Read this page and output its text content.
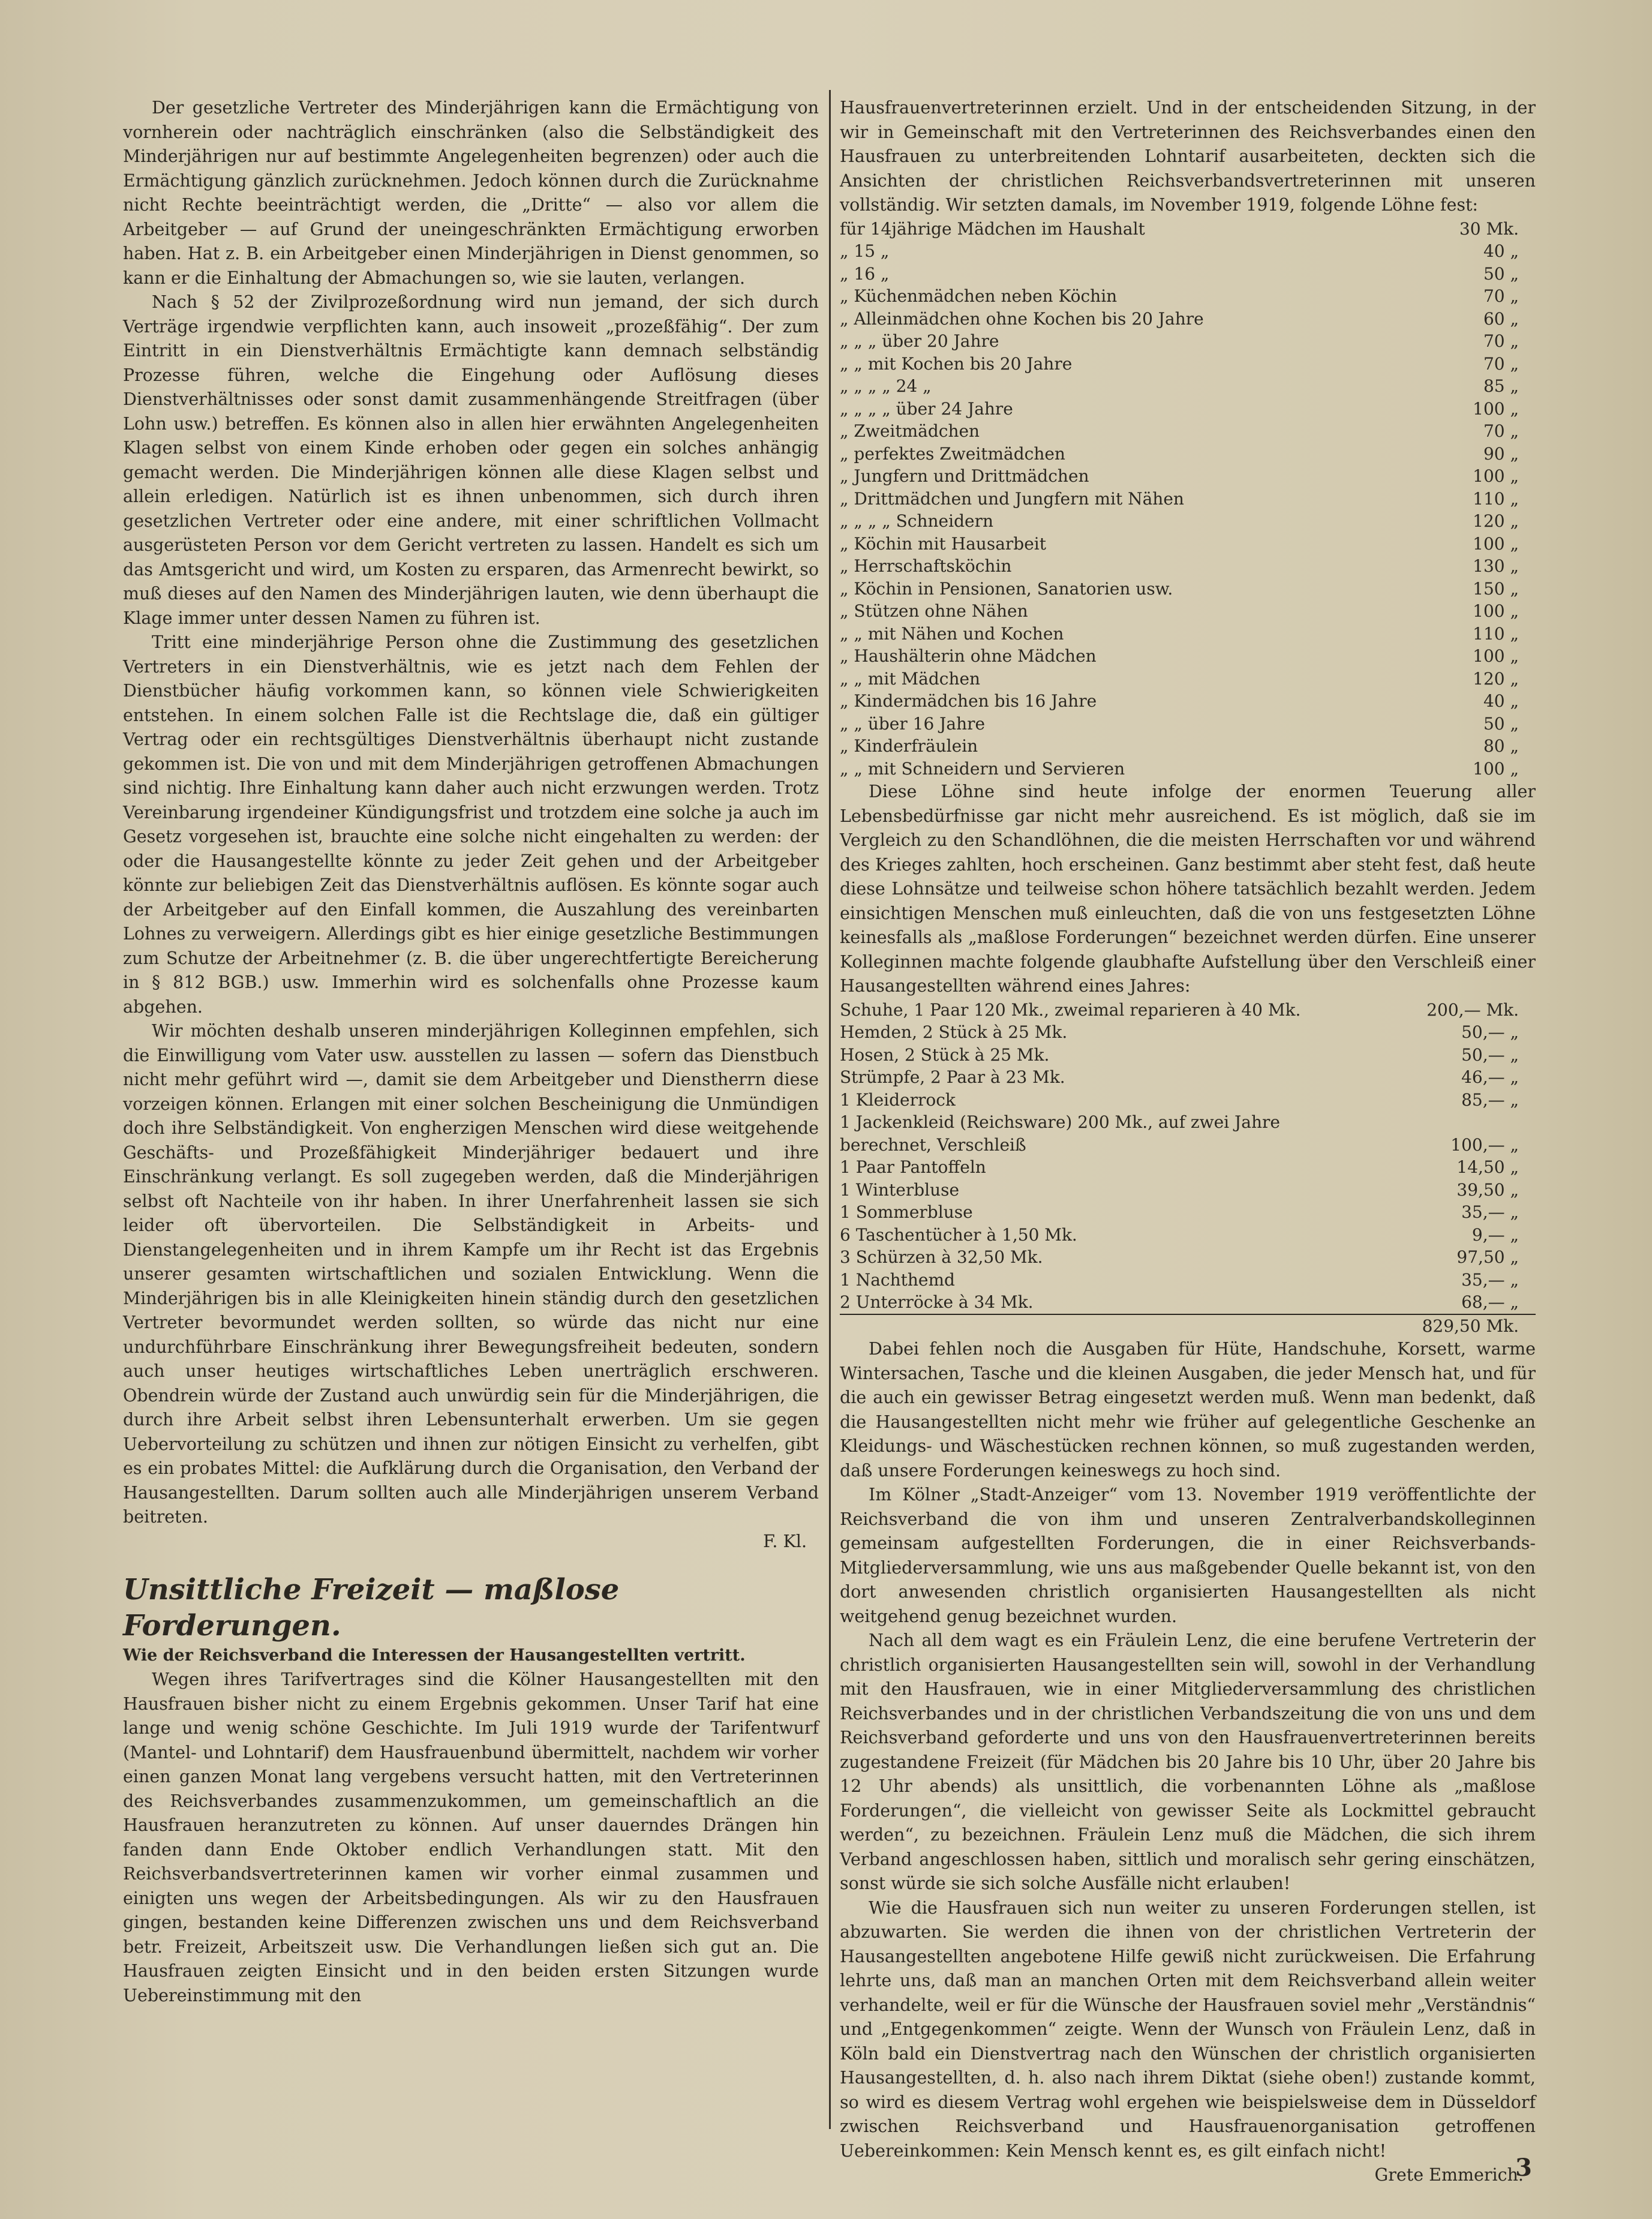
Der gesetzliche Vertreter des Minderjährigen kann die Ermächtigung von vornherein oder nachträglich einschränken (also die Selbständigkeit des Minderjährigen nur auf bestimmte Angelegenheiten begrenzen) oder auch die Ermächtigung gänzlich zurücknehmen. Jedoch können durch die Zurücknahme nicht Rechte beeinträchtigt werden, die „Dritte“ — also vor allem die Arbeitgeber — auf Grund der uneingeschränkten Ermächtigung erworben haben. Hat z. B. ein Arbeitgeber einen Minderjährigen in Dienst genommen, so kann er die Einhaltung der Abmachungen so, wie sie lauten, verlangen.

Nach § 52 der Zivilprozeßordnung wird nun jemand, der sich durch Verträge irgendwie verpflichten kann, auch insoweit „prozeßfähig“. Der zum Eintritt in ein Dienstverhältnis Ermächtigte kann demnach selbständig Prozesse führen, welche die Eingehung oder Auflösung dieses Dienstverhältnisses oder sonst damit zusammenhängende Streitfragen (über Lohn usw.) betreffen. Es können also in allen hier erwähnten Angelegenheiten Klagen selbst von einem Kinde erhoben oder gegen ein solches anhängig gemacht werden. Die Minderjährigen können alle diese Klagen selbst und allein erledigen. Natürlich ist es ihnen unbenommen, sich durch ihren gesetzlichen Vertreter oder eine andere, mit einer schriftlichen Vollmacht ausgerüsteten Person vor dem Gericht vertreten zu lassen. Handelt es sich um das Amtsgericht und wird, um Kosten zu ersparen, das Armenrecht bewirkt, so muß dieses auf den Namen des Minderjährigen lauten, wie denn überhaupt die Klage immer unter dessen Namen zu führen ist.

Tritt eine minderjährige Person ohne die Zustimmung des gesetzlichen Vertreters in ein Dienstverhältnis, wie es jetzt nach dem Fehlen der Dienstbücher häufig vorkommen kann, so können viele Schwierigkeiten entstehen. In einem solchen Falle ist die Rechtslage die, daß ein gültiger Vertrag oder ein rechtsgültiges Dienstverhältnis überhaupt nicht zustande gekommen ist. Die von und mit dem Minderjährigen getroffenen Abmachungen sind nichtig. Ihre Einhaltung kann daher auch nicht erzwungen werden. Trotz Vereinbarung irgendeiner Kündigungsfrist und trotzdem eine solche ja auch im Gesetz vorgesehen ist, brauchte eine solche nicht eingehalten zu werden: der oder die Hausangestellte könnte zu jeder Zeit gehen und der Arbeitgeber könnte zur beliebigen Zeit das Dienstverhältnis auflösen. Es könnte sogar auch der Arbeitgeber auf den Einfall kommen, die Auszahlung des vereinbarten Lohnes zu verweigern. Allerdings gibt es hier einige gesetzliche Bestimmungen zum Schutze der Arbeitnehmer (z. B. die über ungerechtfertigte Bereicherung in § 812 BGB.) usw. Immerhin wird es solchenfalls ohne Prozesse kaum abgehen.

Wir möchten deshalb unseren minderjährigen Kolleginnen empfehlen, sich die Einwilligung vom Vater usw. ausstellen zu lassen — sofern das Dienstbuch nicht mehr geführt wird —, damit sie dem Arbeitgeber und Dienstherrn diese vorzeigen können. Erlangen mit einer solchen Bescheinigung die Unmündigen doch ihre Selbständigkeit. Von engherzigen Menschen wird diese weitgehende Geschäfts- und Prozeßfähigkeit Minderjähriger bedauert und ihre Einschränkung verlangt. Es soll zugegeben werden, daß die Minderjährigen selbst oft Nachteile von ihr haben. In ihrer Unerfahrenheit lassen sie sich leider oft übervorteilen. Die Selbständigkeit in Arbeits- und Dienstangelegenheiten und in ihrem Kampfe um ihr Recht ist das Ergebnis unserer gesamten wirtschaftlichen und sozialen Entwicklung. Wenn die Minderjährigen bis in alle Kleinigkeiten hinein ständig durch den gesetzlichen Vertreter bevormundet werden sollten, so würde das nicht nur eine undurchführbare Einschränkung ihrer Bewegungsfreiheit bedeuten, sondern auch unser heutiges wirtschaftliches Leben unerträglich erschweren. Obendrein würde der Zustand auch unwürdig sein für die Minderjährigen, die durch ihre Arbeit selbst ihren Lebensunterhalt erwerben. Um sie gegen Uebervorteilung zu schützen und ihnen zur nötigen Einsicht zu verhelfen, gibt es ein probates Mittel: die Aufklärung durch die Organisation, den Verband der Hausangestellten. Darum sollten auch alle Minderjährigen unserem Verband beitreten.

F. Kl.

Unsittliche Freizeit — maßlose Forderungen.
Wie der Reichsverband die Interessen der Hausangestellten vertritt.

Wegen ihres Tarifvertrages sind die Kölner Hausangestellten mit den Hausfrauen bisher nicht zu einem Ergebnis gekommen. Unser Tarif hat eine lange und wenig schöne Geschichte. Im Juli 1919 wurde der Tarifentwurf (Mantel- und Lohntarif) dem Hausfrauenbund übermittelt, nachdem wir vorher einen ganzen Monat lang vergebens versucht hatten, mit den Vertreterinnen des Reichsverbandes zusammenzukommen, um gemeinschaftlich an die Hausfrauen heranzutreten zu können. Auf unser dauerndes Drängen hin fanden dann Ende Oktober endlich Verhandlungen statt. Mit den Reichsverbandsvertreterinnen kamen wir vorher einmal zusammen und einigten uns wegen der Arbeitsbedingungen. Als wir zu den Hausfrauen gingen, bestanden keine Differenzen zwischen uns und dem Reichsverband betr. Freizeit, Arbeitszeit usw. Die Verhandlungen ließen sich gut an. Die Hausfrauen zeigten Einsicht und in den beiden ersten Sitzungen wurde Uebereinstimmung mit den

Hausfrauenvertreterinnen erzielt. Und in der entscheidenden Sitzung, in der wir in Gemeinschaft mit den Vertreterinnen des Reichsverbandes einen den Hausfrauen zu unterbreitenden Lohntarif ausarbeiteten, deckten sich die Ansichten der christlichen Reichsverbandsvertreterinnen mit unseren vollständig. Wir setzten damals, im November 1919, folgende Löhne fest:

für 14jährige Mädchen im Haushalt	30 Mk.
„ 15 „	40 „
„ 16 „	50 „
„ Küchenmädchen neben Köchin	70 „
„ Alleinmädchen ohne Kochen bis 20 Jahre	60 „
„ „ „ über 20 Jahre	70 „
„ „ mit Kochen bis 20 Jahre	70 „
„ „ „ „ 24 „	85 „
„ „ „ „ über 24 Jahre	100 „
„ Zweitmädchen	70 „
„ perfektes Zweitmädchen	90 „
„ Jungfern und Drittmädchen	100 „
„ Drittmädchen und Jungfern mit Nähen	110 „
„ „ „ „ Schneidern	120 „
„ Köchin mit Hausarbeit	100 „
„ Herrschaftsköchin	130 „
„ Köchin in Pensionen, Sanatorien usw.	150 „
„ Stützen ohne Nähen	100 „
„ „ mit Nähen und Kochen	110 „
„ Haushälterin ohne Mädchen	100 „
„ „ mit Mädchen	120 „
„ Kindermädchen bis 16 Jahre	40 „
„ „ über 16 Jahre	50 „
„ Kinderfräulein	80 „
„ „ mit Schneidern und Servieren	100 „

Diese Löhne sind heute infolge der enormen Teuerung aller Lebensbedürfnisse gar nicht mehr ausreichend. Es ist möglich, daß sie im Vergleich zu den Schandlöhnen, die die meisten Herrschaften vor und während des Krieges zahlten, hoch erscheinen. Ganz bestimmt aber steht fest, daß heute diese Lohnsätze und teilweise schon höhere tatsächlich bezahlt werden. Jedem einsichtigen Menschen muß einleuchten, daß die von uns festgesetzten Löhne keinesfalls als „maßlose Forderungen“ bezeichnet werden dürfen. Eine unserer Kolleginnen machte folgende glaubhafte Aufstellung über den Verschleiß einer Hausangestellten während eines Jahres:

Schuhe, 1 Paar 120 Mk., zweimal reparieren à 40 Mk.	200,— Mk.
Hemden, 2 Stück à 25 Mk.	50,— „
Hosen, 2 Stück à 25 Mk.	50,— „
Strümpfe, 2 Paar à 23 Mk.	46,— „
1 Kleiderrock	85,— „
1 Jackenkleid (Reichsware) 200 Mk., auf zwei Jahre	
berechnet, Verschleiß	100,— „
1 Paar Pantoffeln	14,50 „
1 Winterbluse	39,50 „
1 Sommerbluse	35,— „
6 Taschentücher à 1,50 Mk.	9,— „
3 Schürzen à 32,50 Mk.	97,50 „
1 Nachthemd	35,— „
2 Unterröcke à 34 Mk.	68,— „
	829,50 Mk.

Dabei fehlen noch die Ausgaben für Hüte, Handschuhe, Korsett, warme Wintersachen, Tasche und die kleinen Ausgaben, die jeder Mensch hat, und für die auch ein gewisser Betrag eingesetzt werden muß. Wenn man bedenkt, daß die Hausangestellten nicht mehr wie früher auf gelegentliche Geschenke an Kleidungs- und Wäschestücken rechnen können, so muß zugestanden werden, daß unsere Forderungen keineswegs zu hoch sind.

Im Kölner „Stadt-Anzeiger“ vom 13. November 1919 veröffentlichte der Reichsverband die von ihm und unseren Zentralverbandskolleginnen gemeinsam aufgestellten Forderungen, die in einer Reichsverbands-Mitgliederversammlung, wie uns aus maßgebender Quelle bekannt ist, von den dort anwesenden christlich organisierten Hausangestellten als nicht weitgehend genug bezeichnet wurden.

Nach all dem wagt es ein Fräulein Lenz, die eine berufene Vertreterin der christlich organisierten Hausangestellten sein will, sowohl in der Verhandlung mit den Hausfrauen, wie in einer Mitgliederversammlung des christlichen Reichsverbandes und in der christlichen Verbandszeitung die von uns und dem Reichsverband geforderte und uns von den Hausfrauenvertreterinnen bereits zugestandene Freizeit (für Mädchen bis 20 Jahre bis 10 Uhr, über 20 Jahre bis 12 Uhr abends) als unsittlich, die vorbenannten Löhne als „maßlose Forderungen“, die vielleicht von gewisser Seite als Lockmittel gebraucht werden“, zu bezeichnen. Fräulein Lenz muß die Mädchen, die sich ihrem Verband angeschlossen haben, sittlich und moralisch sehr gering einschätzen, sonst würde sie sich solche Ausfälle nicht erlauben!

Wie die Hausfrauen sich nun weiter zu unseren Forderungen stellen, ist abzuwarten. Sie werden die ihnen von der christlichen Vertreterin der Hausangestellten angebotene Hilfe gewiß nicht zurückweisen. Die Erfahrung lehrte uns, daß man an manchen Orten mit dem Reichsverband allein weiter verhandelte, weil er für die Wünsche der Hausfrauen soviel mehr „Verständnis“ und „Entgegenkommen“ zeigte. Wenn der Wunsch von Fräulein Lenz, daß in Köln bald ein Dienstvertrag nach den Wünschen der christlich organisierten Hausangestellten, d. h. also nach ihrem Diktat (siehe oben!) zustande kommt, so wird es diesem Vertrag wohl ergehen wie beispielsweise dem in Düsseldorf zwischen Reichsverband und Hausfrauenorganisation getroffenen Uebereinkommen: Kein Mensch kennt es, es gilt einfach nicht!

Grete Emmerich.

3
